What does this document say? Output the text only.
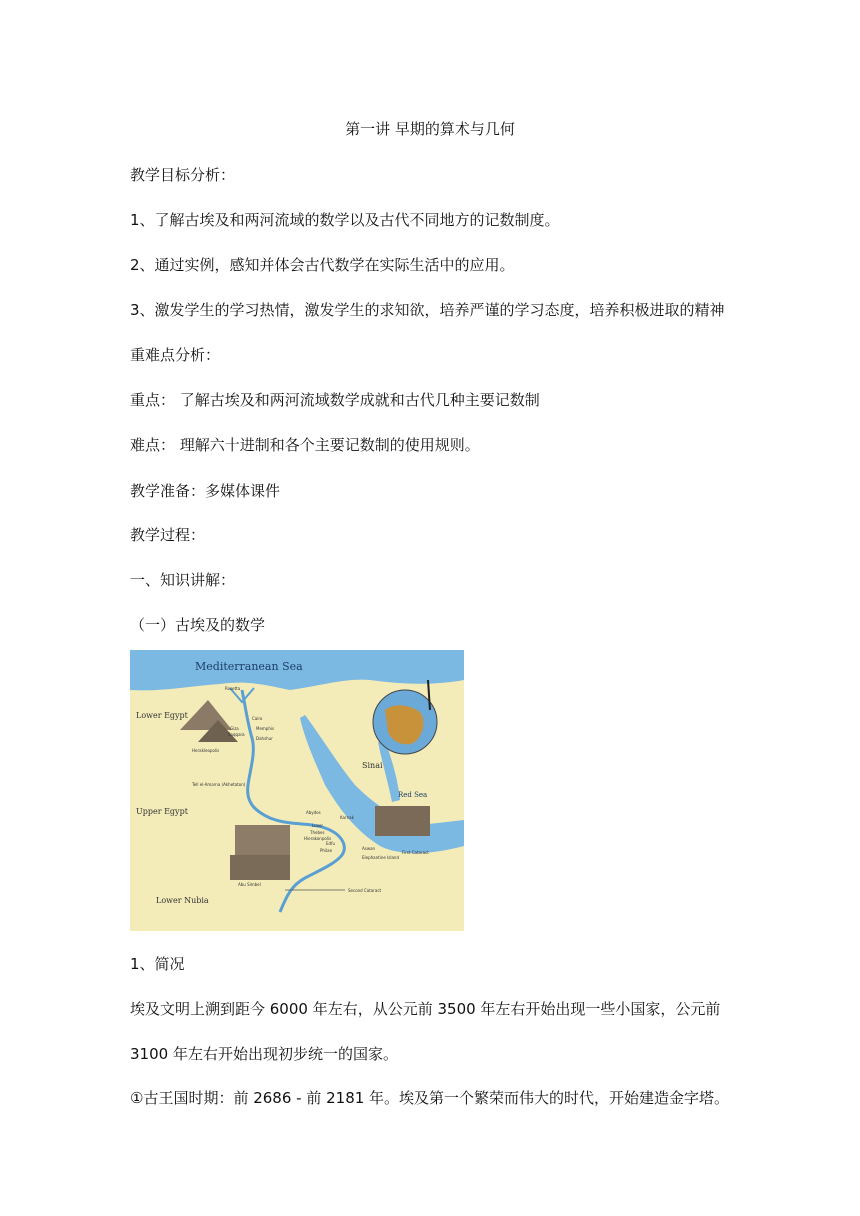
第一讲 早期的算术与几何
教学目标分析：
1、了解古埃及和两河流域的数学以及古代不同地方的记数制度。
2、通过实例，感知并体会古代数学在实际生活中的应用。
3、激发学生的学习热情，激发学生的求知欲，培养严谨的学习态度，培养积极进取的精神
重难点分析：
重点： 了解古埃及和两河流域数学成就和古代几种主要记数制
难点： 理解六十进制和各个主要记数制的使用规则。
教学准备：多媒体课件
教学过程：
一、知识讲解：
（一）古埃及的数学
Mediterranean Sea
Lower Egypt
Upper Egypt
Lower Nubia
Sinai
Red Sea
Rosetta
Cairo
Giza	Memphis
Saqqara
Dahshur
Herakleopolis
Tell el-Amarna (Akhetaton)
Abydos
Karnak
Luxor
Thebes
Hierakonpolis
Edfu
Aswan
Philae	First Cataract
Elephantine Island
Abu Simbel
Second Cataract
1、简况
埃及文明上溯到距今 6000 年左右，从公元前 3500 年左右开始出现一些小国家，公元前
3100 年左右开始出现初步统一的国家。
①古王国时期：前 2686 - 前 2181 年。埃及第一个繁荣而伟大的时代，开始建造金字塔。
